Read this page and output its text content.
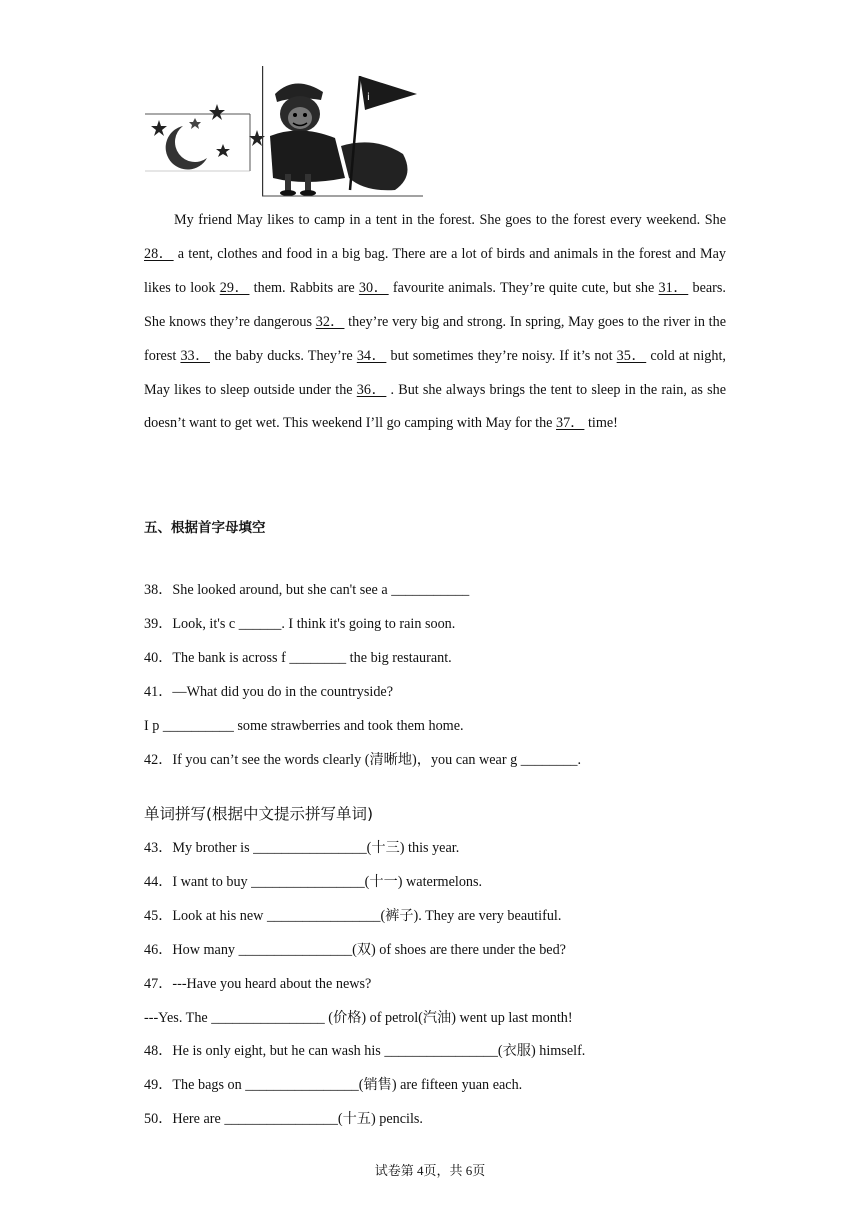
i

My friend May likes to camp in a tent in the forest. She goes to the forest every weekend. She 28． a tent, clothes and food in a big bag. There are a lot of birds and animals in the forest and May likes to look 29． them. Rabbits are 30． favourite animals. They’re quite cute, but she 31． bears. She knows they’re dangerous 32． they’re very big and strong. In spring, May goes to the river in the forest 33． the baby ducks. They’re 34． but sometimes they’re noisy. If it’s not 35． cold at night, May likes to sleep outside under the 36． . But she always brings the tent to sleep in the rain, as she doesn’t want to get wet. This weekend I’ll go camping with May for the 37． time!

五、根据首字母填空
38．She looked around, but she can't see a ___________
39．Look, it's c ______. I think it's going to rain soon.
40．The bank is across f ________ the big restaurant.
41．—What did you do in the countryside?
I p __________ some strawberries and took them home.
42．If you can’t see the words clearly (清晰地)，you can wear g ________.
单词拼写(根据中文提示拼写单词)
43．My brother is ________________(十三) this year.
44．I want to buy ________________(十一) watermelons.
45．Look at his new ________________(裤子). They are very beautiful.
46．How many ________________(双) of shoes are there under the bed?
47．---Have you heard about the news?
---Yes. The ________________ (价格) of petrol(汽油) went up last month!
48．He is only eight, but he can wash his ________________(衣服) himself.
49．The bags on ________________(销售) are fifteen yuan each.
50．Here are ________________(十五) pencils.
试卷第 4页，共 6页
